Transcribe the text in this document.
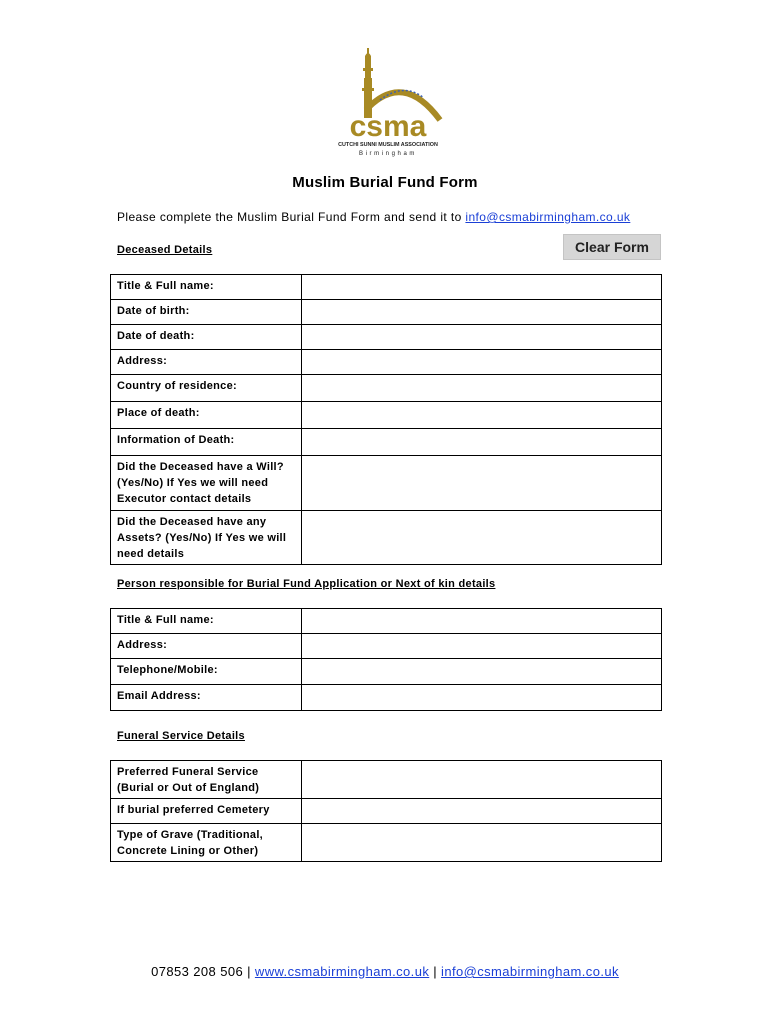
csma
CUTCHI SUNNI MUSLIM ASSOCIATION
Birmingham
Muslim Burial Fund Form
Please complete the Muslim Burial Fund Form and send it to info@csmabirmingham.co.uk
Deceased Details	Clear Form
Title & Full name:	
Date of birth:	
Date of death:	
Address:	
Country of residence:	
Place of death:	
Information of Death:	
Did the Deceased have a Will? (Yes/No) If Yes we will need Executor contact details	
Did the Deceased have any Assets? (Yes/No) If Yes we will need details	
Person responsible for Burial Fund Application or Next of kin details
Title & Full name:	
Address:	
Telephone/Mobile:	
Email Address:	
Funeral Service Details
Preferred Funeral Service (Burial or Out of England)	
If burial preferred Cemetery	
Type of Grave (Traditional, Concrete Lining or Other)	
07853 208 506 | www.csmabirmingham.co.uk | info@csmabirmingham.co.uk
